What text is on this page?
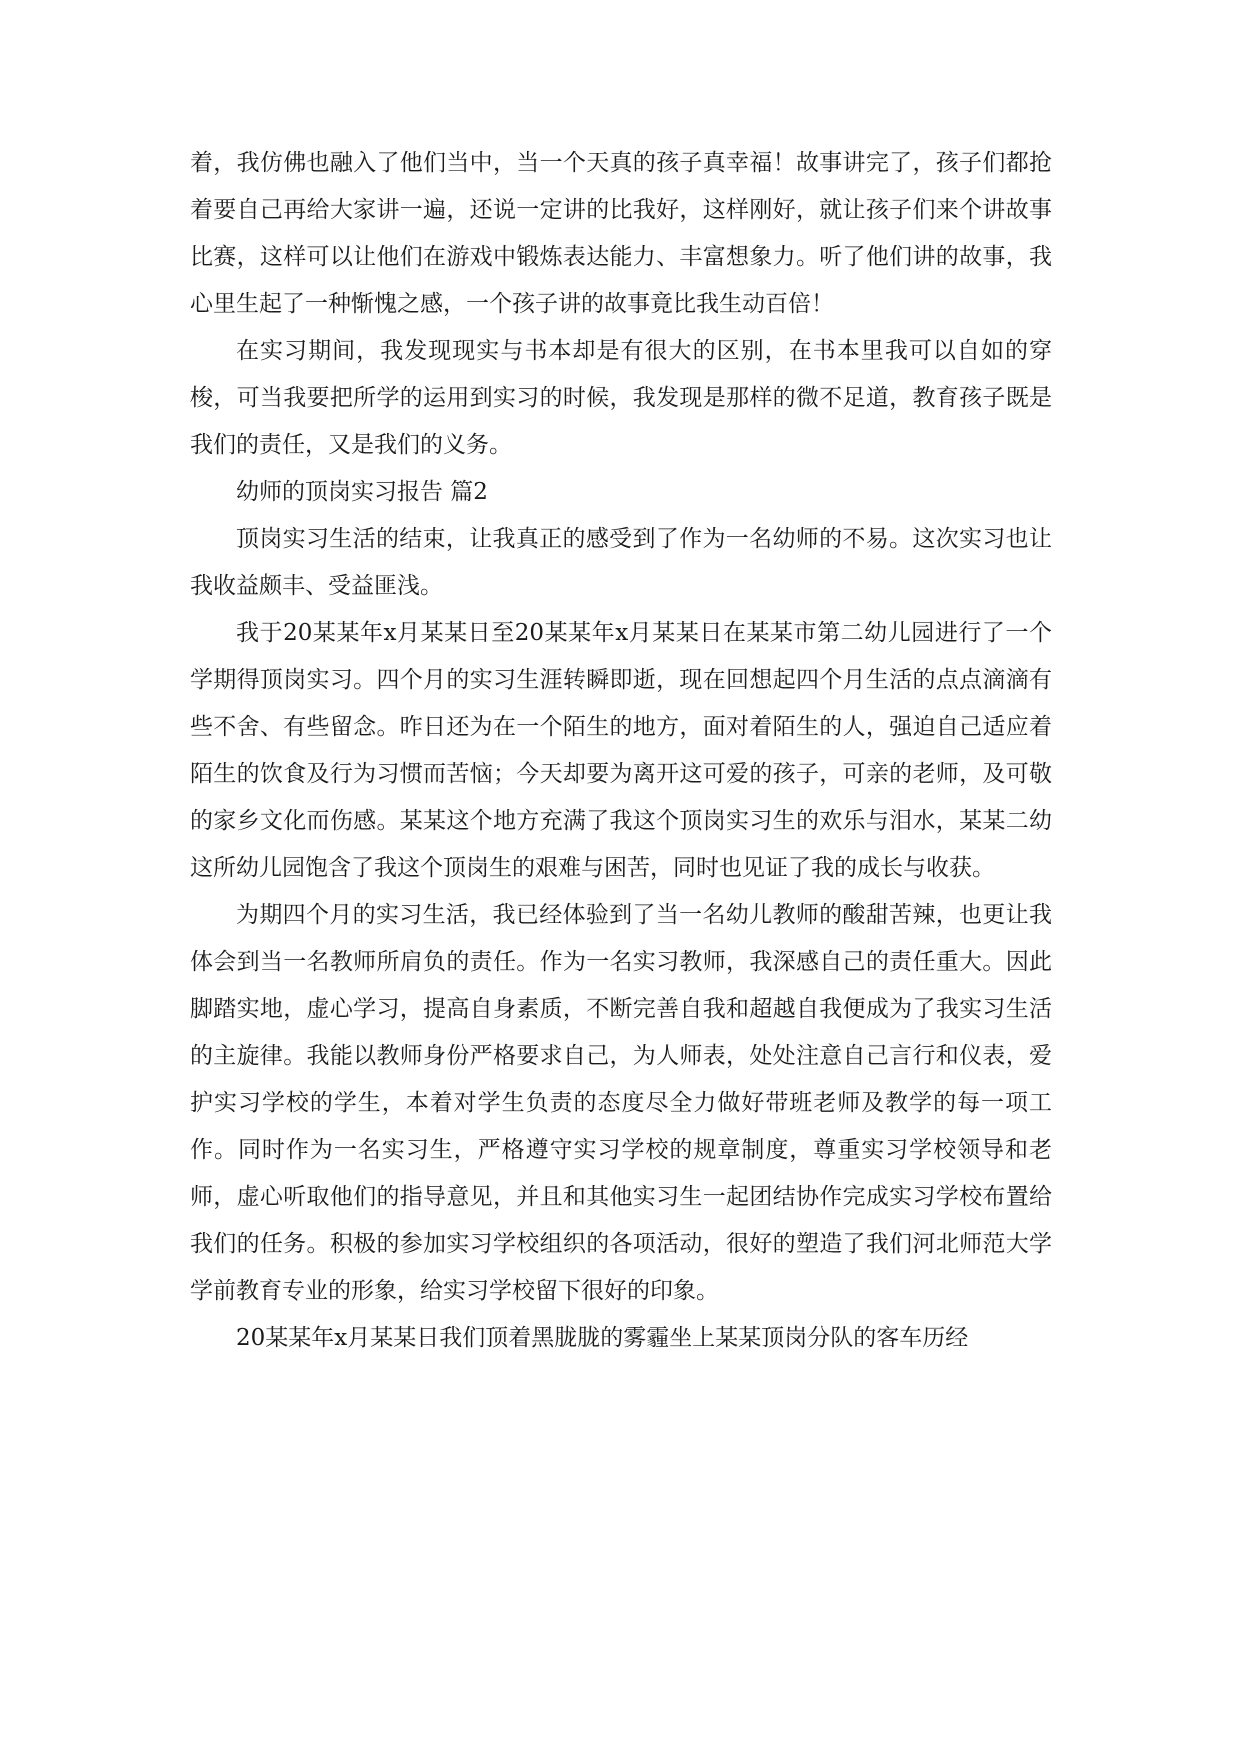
着，我仿佛也融入了他们当中，当一个天真的孩子真幸福！故事讲完了，孩子们都抢着要自己再给大家讲一遍，还说一定讲的比我好，这样刚好，就让孩子们来个讲故事比赛，这样可以让他们在游戏中锻炼表达能力、丰富想象力。听了他们讲的故事，我心里生起了一种惭愧之感，一个孩子讲的故事竟比我生动百倍！

在实习期间，我发现现实与书本却是有很大的区别，在书本里我可以自如的穿梭，可当我要把所学的运用到实习的时候，我发现是那样的微不足道，教育孩子既是我们的责任，又是我们的义务。

幼师的顶岗实习报告 篇2

顶岗实习生活的结束，让我真正的感受到了作为一名幼师的不易。这次实习也让我收益颇丰、受益匪浅。

我于20某某年x月某某日至20某某年x月某某日在某某市第二幼儿园进行了一个学期得顶岗实习。四个月的实习生涯转瞬即逝，现在回想起四个月生活的点点滴滴有些不舍、有些留念。昨日还为在一个陌生的地方，面对着陌生的人，强迫自己适应着陌生的饮食及行为习惯而苦恼；今天却要为离开这可爱的孩子，可亲的老师，及可敬的家乡文化而伤感。某某这个地方充满了我这个顶岗实习生的欢乐与泪水，某某二幼这所幼儿园饱含了我这个顶岗生的艰难与困苦，同时也见证了我的成长与收获。

为期四个月的实习生活，我已经体验到了当一名幼儿教师的酸甜苦辣，也更让我体会到当一名教师所肩负的责任。作为一名实习教师，我深感自己的责任重大。因此脚踏实地，虚心学习，提高自身素质，不断完善自我和超越自我便成为了我实习生活的主旋律。我能以教师身份严格要求自己，为人师表，处处注意自己言行和仪表，爱护实习学校的学生，本着对学生负责的态度尽全力做好带班老师及教学的每一项工作。同时作为一名实习生，严格遵守实习学校的规章制度，尊重实习学校领导和老师，虚心听取他们的指导意见，并且和其他实习生一起团结协作完成实习学校布置给我们的任务。积极的参加实习学校组织的各项活动，很好的塑造了我们河北师范大学学前教育专业的形象，给实习学校留下很好的印象。

20某某年x月某某日我们顶着黑胧胧的雾霾坐上某某顶岗分队的客车历经
